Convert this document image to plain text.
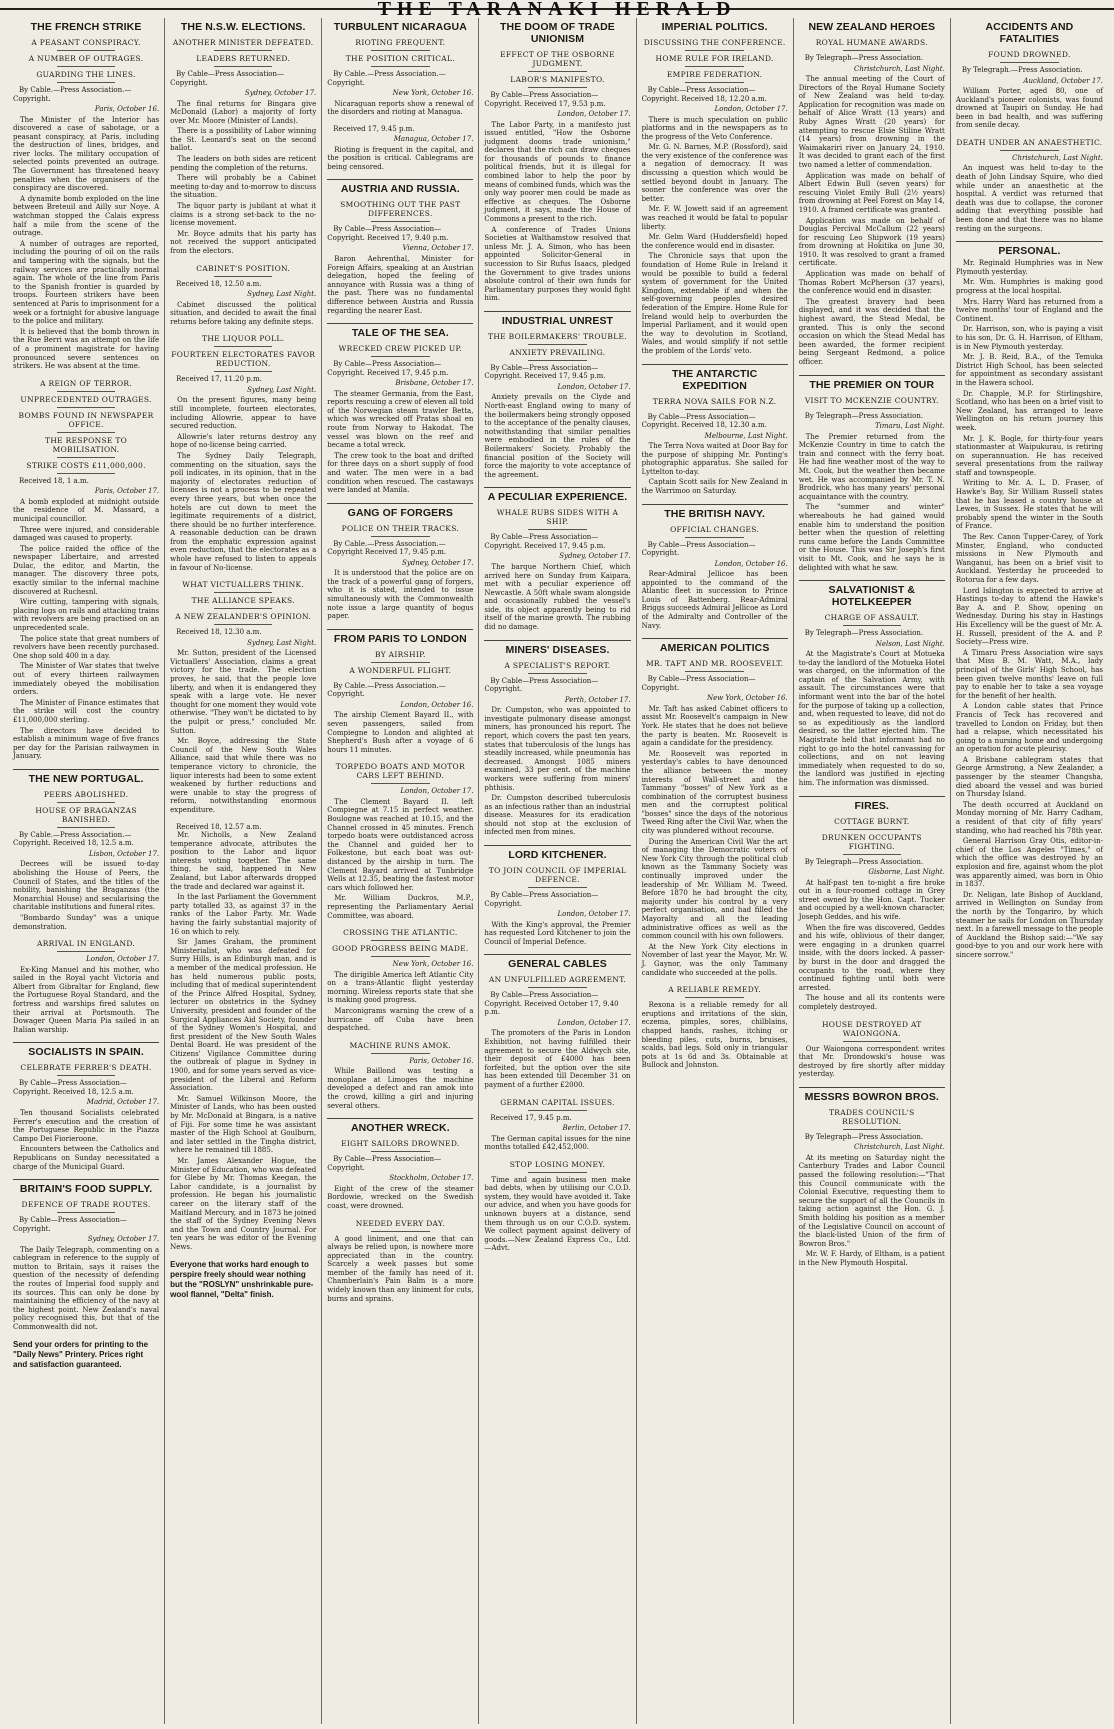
THE TARANAKI HERALD
THE FRENCH STRIKE
A PEASANT CONSPIRACY.
A NUMBER OF OUTRAGES.
GUARDING THE LINES.
By Cable.—Press Association.—Copyright.
Paris, October 16.

The Minister of the Interior has discovered a case of sabotage, or a peasant conspiracy, at Paris, including the destruction of lines, bridges, and river locks. The military occupation of selected points prevented an outrage. The Government has threatened heavy penalties when the organisers of the conspiracy are discovered.

A dynamite bomb exploded on the line between Breteuil and Ailly sur Noye. A watchman stopped the Calais express half a mile from the scene of the outrage.

A number of outrages are reported, including the pouring of oil on the rails and tampering with the signals, but the railway services are practically normal again. The whole of the line from Paris to the Spanish frontier is guarded by troops. Fourteen strikers have been sentenced at Paris to imprisonment for a week or a fortnight for abusive language to the police and military.

It is believed that the bomb thrown in the Rue Berri was an attempt on the life of a prominent magistrate for having pronounced severe sentences on strikers. He was absent at the time.

A REIGN OF TERROR.
UNPRECEDENTED OUTRAGES.
BOMBS FOUND IN NEWSPAPER OFFICE.
THE RESPONSE TO MOBILISATION.
STRIKE COSTS £11,000,000.
Received 18, 1 a.m.
Paris, October 17.

A bomb exploded at midnight outside the residence of M. Massard, a municipal councillor.

Three were injured, and considerable damaged was caused to property.

The police raided the office of the newspaper Libertaire, and arrested Dulac, the editor, and Martin, the manager. The discovery three pots, exactly similar to the infernal machine discovered at Ruchesnl.

Wire cutting, tampering with signals, placing logs on rails and attacking trains with revolvers are being practised on an unprecedented scale.

The police state that great numbers of revolvers have been recently purchased. One shop sold 400 in a day.

The Minister of War states that twelve out of every thirteen railwaymen immediately obeyed the mobilisation orders.

The Minister of Finance estimates that the strike will cost the country £11,000,000 sterling.

The directors have decided to establish a minimum wage of five francs per day for the Parisian railwaymen in January.

THE NEW PORTUGAL.
PEERS ABOLISHED.
HOUSE OF BRAGANZAS BANISHED.
By Cable.—Press Association.—Copyright. Received 18, 12.5 a.m.
Lisbon, October 17.

Decrees will be issued to-day abolishing the House of Peers, the Council of States, and the titles of the nobility, banishing the Braganzas (the Monarchial House) and secularising the charitable institutions and funeral rites.

"Bombardo Sunday" was a unique demonstration.

ARRIVAL IN ENGLAND.
London, October 17.

Ex-King Manuel and his mother, who sailed in the Royal yacht Victoria and Albert from Gibraltar for England, flew the Portuguese Royal Standard, and the fortress and warships fired salutes on their arrival at Portsmouth. The Dowager Queen Maria Pia sailed in an Italian warship.

SOCIALISTS IN SPAIN.
CELEBRATE FERRER'S DEATH.
By Cable—Press Association—Copyright. Received 18, 12.5 a.m.
Madrid, October 17.

Ten thousand Socialists celebrated Ferrer's execution and the creation of the Portuguese Republic in the Piazza Campo Dei Fiorieroone.

Encounters between the Catholics and Republicans on Sunday necessitated a charge of the Municipal Guard.

BRITAIN'S FOOD SUPPLY.
DEFENCE OF TRADE ROUTES.
By Cable—Press Association—Copyright.
Sydney, October 17.

The Daily Telegraph, commenting on a cablegram in reference to the supply of mutton to Britain, says it raises the question of the necessity of defending the routes of Imperial food supply and its sources. This can only be done by maintaining the efficiency of the navy at the highest point. New Zealand's naval policy recognised this, but that of the Commonwealth did not.

Send your orders for printing to the "Daily News" Printery. Prices right and satisfaction guaranteed.
THE N.S.W. ELECTIONS.
ANOTHER MINISTER DEFEATED.
LEADERS RETURNED.
By Cable—Press Association—Copyright.
Sydney, October 17.

The final returns for Bingara give McDonald (Labor) a majority of forty over Mr. Moore (Minister of Lands).

There is a possibility of Labor winning the St. Leonard's seat on the second ballot.

The leaders on both sides are reticent pending the completion of the returns.

There will probably be a Cabinet meeting to-day and to-morrow to discuss the situation.

The liquor party is jubilant at what it claims is a strong set-back to the no-license movement.

Mr. Boyce admits that his party has not received the support anticipated from the electors.

CABINET'S POSITION.
Received 18, 12.50 a.m.
Sydney, Last Night.

Cabinet discussed the political situation, and decided to await the final returns before taking any definite steps.

THE LIQUOR POLL.
FOURTEEN ELECTORATES FAVOR REDUCTION.
Received 17, 11.20 p.m.
Sydney, Last Night.

On the present figures, many being still incomplete, fourteen electorates, including Allowrie, appear to have secured reduction.

Allowrie's later returns destroy any hope of no-license being carried.

The Sydney Daily Telegraph, commenting on the situation, says the poll indicates, in its opinion, that in the majority of electorates reduction of licenses is not a process to be repeated every three years, but when once the hotels are cut down to meet the legitimate requirements of a district, there should be no further interference. A reasonable deduction can be drawn from the emphatic expression against even reduction, that the electorates as a whole have refused to listen to appeals in favour of No-license.

WHAT VICTUALLERS THINK.
THE ALLIANCE SPEAKS.
A NEW ZEALANDER'S OPINION.
Received 18, 12.30 a.m.
Sydney, Last Night.

Mr. Sutton, president of the Licensed Victuallers' Association, claims a great victory for the trade. The election proves, he said, that the people love liberty, and when it is endangered they speak with a large vote. He never thought for one moment they would vote otherwise. "They won't be dictated to by the pulpit or press," concluded Mr. Sutton.

Mr. Boyce, addressing the State Council of the New South Wales Alliance, said that while there was no temperance victory to chronicle, the liquor interests had been to some extent weakened by further reductions and were unable to stay the progress of reform, notwithstanding enormous expenditure.

Received 18, 12.57 a.m.

Mr. Nicholls, a New Zealand temperance advocate, attributes the position to the Labor and liquor interests voting together. The same thing, he said, happened in New Zealand, but Labor afterwards dropped the trade and declared war against it.

In the last Parliament the Government party totalled 33, as against 37 in the ranks of the Labor Party. Mr. Wade having the fairly substantial majority of 16 on which to rely.

Sir James Graham, the prominent Ministerialist, who was defeated for Surry Hills, is an Edinburgh man, and is a member of the medical profession. He has held numerous public posts, including that of medical superintendent of the Prince Alfred Hospital, Sydney, lecturer on obstetrics in the Sydney University, president and founder of the Surgical Appliances Aid Society, founder of the Sydney Women's Hospital, and first president of the New South Wales Dental Board. He was president of the Citizens' Vigilance Committee during the outbreak of plague in Sydney in 1900, and for some years served as vice-president of the Liberal and Reform Association.

Mr. Samuel Wilkinson Moore, the Minister of Lands, who has been ousted by Mr. McDonald at Bingara, is a native of Fiji. For some time he was assistant master of the High School at Goulburn, and later settled in the Tingha district, where he remained till 1885.

Mr. James Alexander Hogue, the Minister of Education, who was defeated for Glebe by Mr. Thomas Keegan, the Labor candidate, is a journalist by profession. He began his journalistic career on the literary staff of the Maitland Mercury, and in 1873 he joined the staff of the Sydney Evening News and the Town and Country Journal. For ten years he was editor of the Evening News.

Everyone that works hard enough to perspire freely should wear nothing but the "ROSLYN" unshrinkable pure-wool flannel, "Delta" finish.
TURBULENT NICARAGUA
RIOTING FREQUENT.
THE POSITION CRITICAL.
By Cable.—Press Association.—Copyright.
New York, October 16.

Nicaraguan reports show a renewal of the disorders and rioting at Managua.

Received 17, 9.45 p.m.
Managua, October 17.

Rioting is frequent in the capital, and the position is critical. Cablegrams are being censored.

AUSTRIA AND RUSSIA.
SMOOTHING OUT THE PAST DIFFERENCES.
By Cable—Press Association—Copyright. Received 17, 9.40 p.m.
Vienna, October 17.

Baron Aehrenthal, Minister for Foreign Affairs, speaking at an Austrian delegation, hoped the feeling of annoyance with Russia was a thing of the past. There was no fundamental difference between Austria and Russia regarding the nearer East.

TALE OF THE SEA.
WRECKED CREW PICKED UP.
By Cable—Press Association—Copyright. Received 17, 9.45 p.m.
Brisbane, October 17.

The steamer Germania, from the East, reports rescuing a crew of eleven all told of the Norwegian steam trawler Betta, which was wrecked off Pratas shoal en route from Norway to Hakodat. The vessel was blown on the reef and became a total wreck.

The crew took to the boat and drifted for three days on a short supply of food and water. The men were in a bad condition when rescued. The castaways were landed at Manila.

GANG OF FORGERS
POLICE ON THEIR TRACKS.
By Cable.—Press Association.—Copyright Received 17, 9.45 p.m.
Sydney, October 17.

It is understood that the police are on the track of a powerful gang of forgers, who it is stated, intended to issue simultaneously with the Commonwealth note issue a large quantity of bogus paper.

FROM PARIS TO LONDON
BY AIRSHIP.
A WONDERFUL FLIGHT.
By Cable.—Press Association.—Copyright.
London, October 16.

The airship Clement Bayard II., with seven passengers, sailed from Compiegne to London and alighted at Shepherd's Bush after a voyage of 6 hours 11 minutes.

TORPEDO BOATS AND MOTOR CARS LEFT BEHIND.
London, October 17.

The Clement Bayard II. left Compiegne at 7.15 in perfect weather. Boulogne was reached at 10.15, and the Channel crossed in 45 minutes. French torpedo boats were outdistanced across the Channel and guided her to Folkestone, but each boat was out-distanced by the airship in turn. The Clement Bayard arrived at Tunbridge Wells at 12.35, beating the fastest motor cars which followed her.

Mr. William Duckros, M.P., representing the Parliamentary Aerial Committee, was aboard.

CROSSING THE ATLANTIC.
GOOD PROGRESS BEING MADE.
New York, October 16.

The dirigible America left Atlantic City on a trans-Atlantic flight yesterday morning. Wireless reports state that she is making good progress.

Marconigrams warning the crew of a hurricane off Cuba have been despatched.

MACHINE RUNS AMOK.
Paris, October 16.

While Baillond was testing a monoplane at Limoges the machine developed a defect and ran amok into the crowd, killing a girl and injuring several others.

ANOTHER WRECK.
EIGHT SAILORS DROWNED.
By Cable—Press Association—Copyright.
Stockholm, October 17.

Eight of the crew of the steamer Bordowie, wrecked on the Swedish coast, were drowned.

NEEDED EVERY DAY.

A good liniment, and one that can always be relied upon, is nowhere more appreciated than in the country. Scarcely a week passes but some member of the family has need of it. Chamberlain's Pain Balm is a more widely known than any liniment for cuts, burns and sprains.

THE DOOM OF TRADE UNIONISM
EFFECT OF THE OSBORNE JUDGMENT.
LABOR'S MANIFESTO.
By Cable—Press Association—Copyright. Received 17, 9.53 p.m.
London, October 17.

The Labor Party, in a manifesto just issued entitled, "How the Osborne judgment dooms trade unionism," declares that the rich can draw cheques for thousands of pounds to finance political friends, but it is illegal for combined labor to help the poor by means of combined funds, which was the only way poorer men could be made as effective as cheques. The Osborne judgment, it says, made the House of Commons a present to the rich.

A conference of Trades Unions Societies at Walthamstow resolved that unless Mr. J. A. Simon, who has been appointed Solicitor-General in succession to Sir Rufus Isaacs, pledged the Government to give trades unions absolute control of their own funds for Parliamentary purposes they would fight him.

INDUSTRIAL UNREST
THE BOILERMAKERS' TROUBLE.
ANXIETY PREVAILING.
By Cable—Press Association—Copyright. Received 17, 9.45 p.m.
London, October 17.

Anxiety prevails on the Clyde and North-east England owing to many of the boilermakers being strongly opposed to the acceptance of the penalty clauses, notwithstanding that similar penalties were embodied in the rules of the Boilermakers' Society. Probably the financial position of the Society will force the majority to vote acceptance of the agreement.

A PECULIAR EXPERIENCE.
WHALE RUBS SIDES WITH A SHIP.
By Cable—Press Association—Copyright. Received 17, 9.45 p.m.
Sydney, October 17.

The barque Northern Chief, which arrived here on Sunday from Kaipara, met with a peculiar experience off Newcastle. A 50ft whale swam alongside and occasionally rubbed the vessel's side, its object apparently being to rid itself of the marine growth. The rubbing did no damage.

MINERS' DISEASES.
A SPECIALIST'S REPORT.
By Cable—Press Association—Copyright.
Perth, October 17.

Dr. Cumpston, who was appointed to investigate pulmonary disease amongst miners, has pronounced his report. The report, which covers the past ten years, states that tuberculosis of the lungs has steadily increased, while pneumonia has decreased. Amongst 1085 miners examined, 33 per cent. of the machine workers were suffering from miners' phthisis.

Dr. Cumpston described tuberculosis as an infectious rather than an industrial disease. Measures for its eradication should not stop at the exclusion of infected men from mines.

LORD KITCHENER.
TO JOIN COUNCIL OF IMPERIAL DEFENCE.
By Cable—Press Association—Copyright.
London, October 17.

With the King's approval, the Premier has requested Lord Kitchener to join the Council of Imperial Defence.

GENERAL CABLES
AN UNFULFILLED AGREEMENT.
By Cable—Press Association—Copyright. Received October 17, 9.40 p.m.
London, October 17.

The promoters of the Paris in London Exhibition, not having fulfilled their agreement to secure the Aldwych site, their deposit of £4000 has been forfeited, but the option over the site has been extended till December 31 on payment of a further £2000.

GERMAN CAPITAL ISSUES.
Received 17, 9.45 p.m.
Berlin, October 17.

The German capital issues for the nine months totalled £42,452,000.

STOP LOSING MONEY.

Time and again business men make bad debts, when by utilising our C.O.D. system, they would have avoided it. Take our advice, and when you have goods for unknown buyers at a distance, send them through us on our C.O.D. system. We collect payment against delivery of goods.—New Zealand Express Co., Ltd.—Advt.

IMPERIAL POLITICS.
DISCUSSING THE CONFERENCE.
HOME RULE FOR IRELAND.
EMPIRE FEDERATION.
By Cable—Press Association—Copyright. Received 18, 12.20 a.m.
London, October 17.

There is much speculation on public platforms and in the newspapers as to the progress of the Veto Conference.

Mr. G. N. Barnes, M.P. (Rossford), said the very existence of the conference was a negation of democracy. It was discussing a question which would be settled beyond doubt in January. The sooner the conference was over the better.

Mr. F. W. Jowett said if an agreement was reached it would be fatal to popular liberty.

Mr. Gelm Ward (Huddersfield) hoped the conference would end in disaster.

The Chronicle says that upon the foundation of Home Rule in Ireland it would be possible to build a federal system of government for the United Kingdom, extendable if and when the self-governing peoples desired federation of the Empire. Home Rule for Ireland would help to overburden the Imperial Parliament, and it would open the way to devolution in Scotland, Wales, and would simplify if not settle the problem of the Lords' veto.

THE ANTARCTIC EXPEDITION
TERRA NOVA SAILS FOR N.Z.
By Cable—Press Association—Copyright. Received 18, 12.30 a.m.
Melbourne, Last Night.

The Terra Nova waited at Door Bay for the purpose of shipping Mr. Ponting's photographic apparatus. She sailed for Lyttelton to-day.

Captain Scott sails for New Zealand in the Warrimoo on Saturday.

THE BRITISH NAVY.
OFFICIAL CHANGES.
By Cable—Press Association—Copyright.
London, October 16.

Rear-Admiral Jellicoe has been appointed to the command of the Atlantic fleet in succession to Prince Louis of Battenberg. Rear-Admiral Briggs succeeds Admiral Jellicoe as Lord of the Admiralty and Controller of the Navy.

AMERICAN POLITICS
MR. TAFT AND MR. ROOSEVELT.
By Cable—Press Association—Copyright.
New York, October 16.

Mr. Taft has asked Cabinet officers to assist Mr. Roosevelt's campaign in New York. He states that he does not believe the party is beaten. Mr. Roosevelt is again a candidate for the presidency.

Mr. Roosevelt was reported in yesterday's cables to have denounced the alliance between the money interests of Wall-street and the Tammany "bosses" of New York as a combination of the corruptest business men and the corruptest political "bosses" since the days of the notorious Tweed Ring after the Civil War, when the city was plundered without recourse.

During the American Civil War the art of managing the Democratic voters of New York City through the political club known as the Tammany Society was continually improved under the leadership of Mr. William M. Tweed. Before 1870 he had brought the city, majority under his control by a very perfect organisation, and had filled the Mayoralty and all the leading administrative offices as well as the common council with his own followers.

At the New York City elections in November of last year the Mayor, Mr. W. J. Gaynor, was the only Tammany candidate who succeeded at the polls.

A RELIABLE REMEDY.

Rexona is a reliable remedy for all eruptions and irritations of the skin, eczema, pimples, sores, chilblains, chapped hands, rashes, itching or bleeding piles, cuts, burns, bruises, scalds, bad legs. Sold only in triangular pots at 1s 6d and 3s. Obtainable at Bullock and Johnston.

NEW ZEALAND HEROES
ROYAL HUMANE AWARDS.
By Telegraph—Press Association.
Christchurch, Last Night.

The annual meeting of the Court of Directors of the Royal Humane Society of New Zealand was held to-day. Application for recognition was made on behalf of Alice Wratt (13 years) and Ruby Agnes Wratt (20 years) for attempting to rescue Elsie Stiline Wratt (14 years) from drowning in the Waimakariri river on January 24, 1910. It was decided to grant each of the first two named a letter of commendation.

Application was made on behalf of Albert Edwin Bull (seven years) for rescuing Violet Emily Bull (2½ years) from drowning at Peel Forest on May 14, 1910. A framed certificate was granted.

Application was made on behalf of Douglas Percival McCallum (22 years) for rescuing Leo Shipwork (19 years) from drowning at Hokitika on June 30, 1910. It was resolved to grant a framed certificate.

Application was made on behalf of Thomas Robert McPherson (37 years), the conference would end in disaster.

The greatest bravery had been displayed, and it was decided that the highest award, the Stead Medal, be granted. This is only the second occasion on which the Stead Medal has been awarded, the former recipient being Sergeant Redmond, a police officer.

THE PREMIER ON TOUR
VISIT TO MCKENZIE COUNTRY.
By Telegraph—Press Association.
Timaru, Last Night.

The Premier returned from the McKenzie Country in time to catch the train and connect with the ferry boat. He had fine weather most of the way to Mt. Cook, but the weather then became wet. He was accompanied by Mr. T. N. Brodrick, who has many years' personal acquaintance with the country.

The "summer and winter" whereabouts he had gained would enable him to understand the position better when the question of reletting runs came before the Lands Committee or the House. This was Sir Joseph's first visit to Mt. Cook, and he says he is delighted with what he saw.

SALVATIONIST & HOTELKEEPER
CHARGE OF ASSAULT.
By Telegraph—Press Association.
Nelson, Last Night.

At the Magistrate's Court at Motueka to-day the landlord of the Motueka Hotel was charged, on the information of the captain of the Salvation Army, with assault. The circumstances were that informant went into the bar of the hotel for the purpose of taking up a collection, and, when requested to leave, did not do so as expeditiously as the landlord desired, so the latter ejected him. The Magistrate held that informant had no right to go into the hotel canvassing for collections, and on not leaving immediately when requested to do so, the landlord was justified in ejecting him. The information was dismissed.

FIRES.
COTTAGE BURNT.
DRUNKEN OCCUPANTS FIGHTING.
By Telegraph—Press Association.
Gisborne, Last Night.

At half-past ten to-night a fire broke out in a four-roomed cottage in Grey street owned by the Hon. Capt. Tucker and occupied by a well-known character, Joseph Geddes, and his wife.

When the fire was discovered, Geddes and his wife, oblivious of their danger, were engaging in a drunken quarrel inside, with the doors locked. A passer-by burst in the door and dragged the occupants to the road, where they continued fighting until both were arrested.

The house and all its contents were completely destroyed.

HOUSE DESTROYED AT WAIONGONA.

Our Waiongona correspondent writes that Mr. Drondowski's house was destroyed by fire shortly after midday yesterday.

MESSRS BOWRON BROS.
TRADES COUNCIL'S RESOLUTION.
By Telegraph—Press Association.
Christchurch, Last Night.

At its meeting on Saturday night the Canterbury Trades and Labor Council passed the following resolution:—"That this Council communicate with the Colonial Executive, requesting them to secure the support of all the Councils in taking action against the Hon. G. J. Smith holding his position as a member of the Legislative Council on account of the black-listed Union of the firm of Bowron Bros."

Mr. W. F. Hardy, of Eltham, is a patient in the New Plymouth Hospital.

ACCIDENTS AND FATALITIES
FOUND DROWNED.
By Telegraph.—Press Association.
Auckland, October 17.

William Porter, aged 80, one of Auckland's pioneer colonists, was found drowned at Taupiri on Sunday. He had been in bad health, and was suffering from senile decay.

DEATH UNDER AN ANAESTHETIC.
Christchurch, Last Night.

An inquest was held to-day to the death of John Lindsay Squire, who died while under an anaesthetic at the hospital. A verdict was returned that death was due to collapse, the coroner adding that everything possible had been done and that there was no blame resting on the surgeons.

PERSONAL.

Mr. Reginald Humphries was in New Plymouth yesterday.

Mr. Wm. Humphries is making good progress at the local hospital.

Mrs. Harry Ward has returned from a twelve months' tour of England and the Continent.

Dr. Harrison, son, who is paying a visit to his son, Dr. G. H. Harrison, of Eltham, is in New Plymouth yesterday.

Mr. J. B. Reid, B.A., of the Temuka District High School, has been selected for appointment as secondary assistant in the Hawera school.

Dr. Chapple, M.P. for Stirlingshire, Scotland, who has been on a brief visit to New Zealand, has arranged to leave Wellington on his return journey this week.

Mr. J. K. Bogle, for thirty-four years stationmaster at Waipukurau, is retiring on superannuation. He has received several presentations from the railway staff and townspeople.

Writing to Mr. A. L. D. Fraser, of Hawke's Bay, Sir William Russell states that he has leased a country house at Lewes, in Sussex. He states that he will probably spend the winter in the South of France.

The Rev. Canon Tupper-Carey, of York Minster, England, who conducted missions in New Plymouth and Wanganui, has been on a brief visit to Auckland. Yesterday he proceeded to Rotorua for a few days.

Lord Islington is expected to arrive at Hastings to-day to attend the Hawke's Bay A. and P. Show, opening on Wednesday. During his stay in Hastings His Excellency will be the guest of Mr. A. H. Russell, president of the A. and P. Society—Press wire.

A Timaru Press Association wire says that Miss B. M. Watt, M.A., lady principal of the Girls' High School, has been given twelve months' leave on full pay to enable her to take a sea voyage for the benefit of her health.

A London cable states that Prince Francis of Teck has recovered and travelled to London on Friday, but then had a relapse, which necessitated his going to a nursing home and undergoing an operation for acute pleurisy.

A Brisbane cablegram states that George Armstrong, a New Zealander, a passenger by the steamer Changsha, died aboard the vessel and was buried on Thursday Island.

The death occurred at Auckland on Monday morning of Mr. Harry Cadham, a resident of that city of fifty years' standing, who had reached his 78th year.

General Harrison Gray Otis, editor-in-chief of the Los Angeles "Times," of which the office was destroyed by an explosion and fire, against whom the plot was apparently aimed, was born in Ohio in 1837.

Dr. Neligan, late Bishop of Auckland, arrived in Wellington on Sunday from the north by the Tongariro, by which steamer he sails for London on Thursday next. In a farewell message to the people of Auckland the Bishop said:—"We say good-bye to you and our work here with sincere sorrow."
